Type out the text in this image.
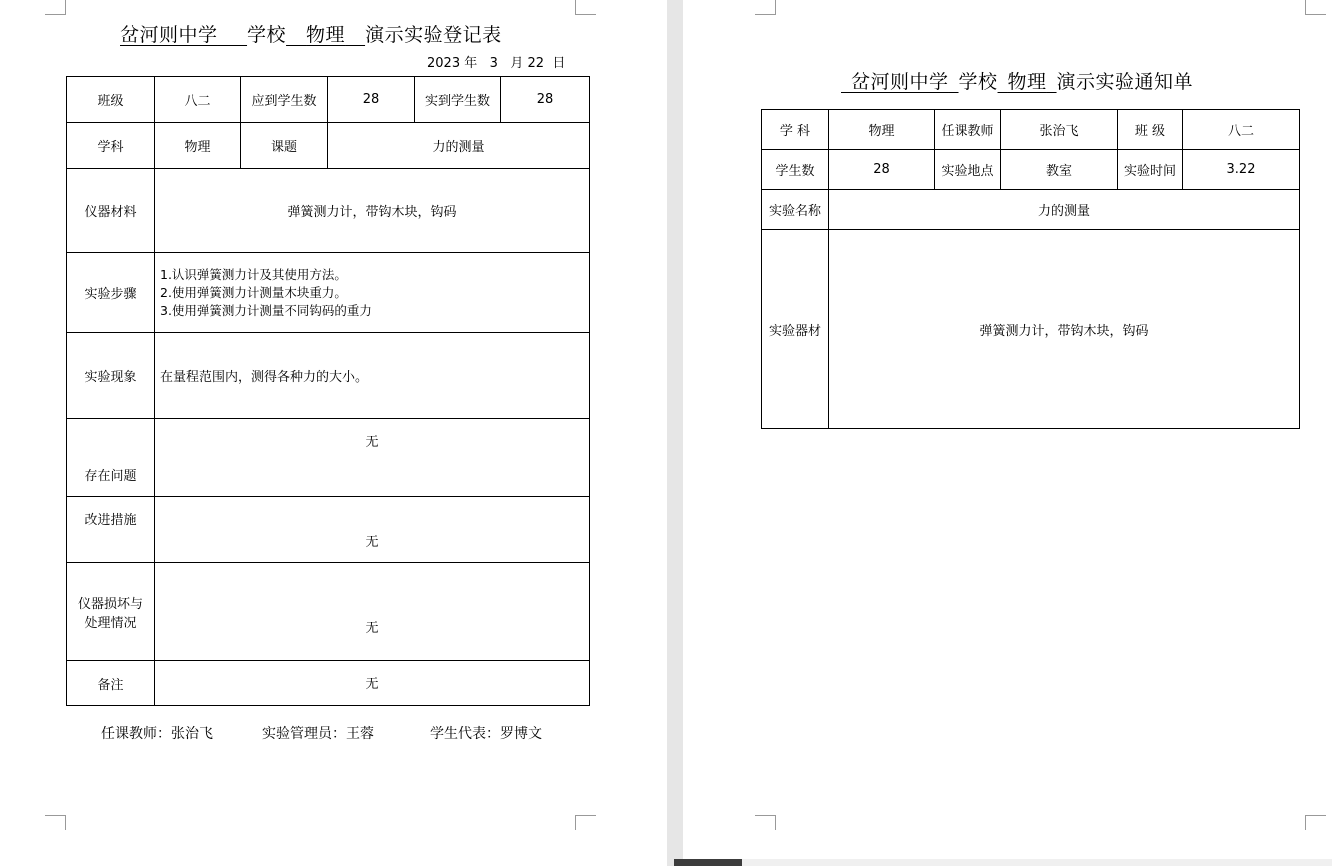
岔河则中学　  学校   物理   演示实验登记表
2023 年 3 月 22 日
班级	八二	应到学生数	28	实到学生数	28
学科	物理	课题	力的测量		
仪器材料	弹簧测力计，带钩木块，钩码				
实验步骤	1.认识弹簧测力计及其使用方法。
2.使用弹簧测力计测量木块重力。
3.使用弹簧测力计测量不同钩码的重力				

实验现象	在量程范围内，测得各种力的大小。				
存在问题	无				
改进措施	无				

仪器损坏与
处理情况	无				
备注	无				
任课教师：张治飞	实验管理员：王蓉	学生代表：罗博文
 岔河则中学  学校  物理  演示实验通知单
学 科	物理	任课教师	张治飞	班 级	八二
学生数	28	实验地点	教室	实验时间	3.22
实验名称	力的测量				
实验器材	弹簧测力计，带钩木块，钩码				
